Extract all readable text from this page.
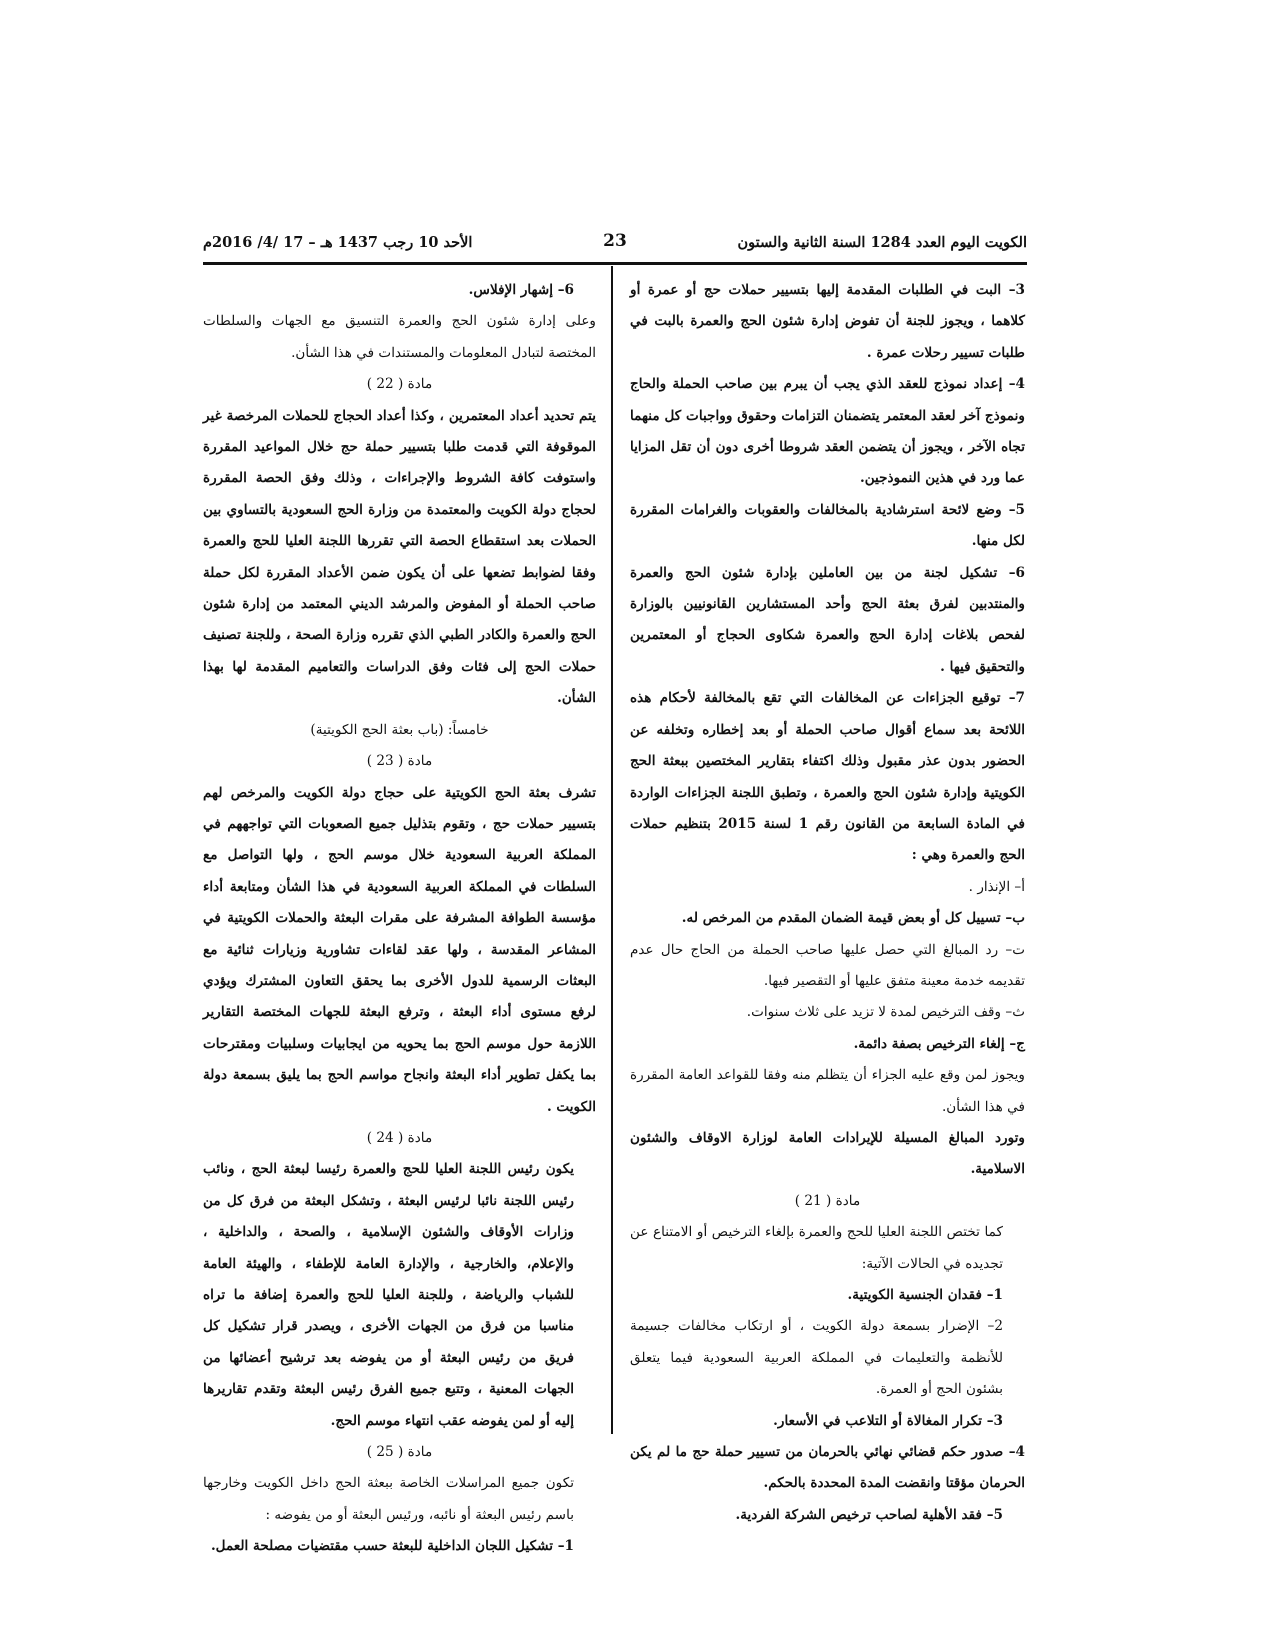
الكويت اليوم العدد 1284 السنة الثانية والستون
23
الأحد 10 رجب 1437 هـ – 17 /4/ 2016م

3– البت في الطلبات المقدمة إليها بتسيير حملات حج أو عمرة أو كلاهما ، ويجوز للجنة أن تفوض إدارة شئون الحج والعمرة بالبت في طلبات تسيير رحلات عمرة .

4– إعداد نموذج للعقد الذي يجب أن يبرم بين صاحب الحملة والحاج ونموذج آخر لعقد المعتمر يتضمنان التزامات وحقوق وواجبات كل منهما تجاه الآخر ، ويجوز أن يتضمن العقد شروطا أخرى دون أن تقل المزايا عما ورد في هذين النموذجين.

5– وضع لائحة استرشادية بالمخالفات والعقوبات والغرامات المقررة لكل منها.

6– تشكيل لجنة من بين العاملين بإدارة شئون الحج والعمرة والمنتدبين لفرق بعثة الحج وأحد المستشارين القانونيين بالوزارة لفحص بلاغات إدارة الحج والعمرة شكاوى الحجاج أو المعتمرين والتحقيق فيها .

7– توقيع الجزاءات عن المخالفات التي تقع بالمخالفة لأحكام هذه اللائحة بعد سماع أقوال صاحب الحملة أو بعد إخطاره وتخلفه عن الحضور بدون عذر مقبول وذلك اكتفاء بتقارير المختصين ببعثة الحج الكويتية وإدارة شئون الحج والعمرة ، وتطبق اللجنة الجزاءات الواردة في المادة السابعة من القانون رقم 1 لسنة 2015 بتنظيم حملات الحج والعمرة وهي :

أ– الإنذار .

ب– تسييل كل أو بعض قيمة الضمان المقدم من المرخص له.

ت– رد المبالغ التي حصل عليها صاحب الحملة من الحاج حال عدم تقديمه خدمة معينة متفق عليها أو التقصير فيها.

ث– وقف الترخيص لمدة لا تزيد على ثلاث سنوات.

ج– إلغاء الترخيص بصفة دائمة.

ويجوز لمن وقع عليه الجزاء أن يتظلم منه وفقا للقواعد العامة المقررة في هذا الشأن.

وتورد المبالغ المسيلة للإيرادات العامة لوزارة الاوقاف والشئون الاسلامية.

مادة ( 21 )

كما تختص اللجنة العليا للحج والعمرة بإلغاء الترخيص أو الامتناع عن تجديده في الحالات الآتية:

1– فقدان الجنسية الكويتية.

2– الإضرار بسمعة دولة الكويت ، أو ارتكاب مخالفات جسيمة للأنظمة والتعليمات في المملكة العربية السعودية فيما يتعلق بشئون الحج أو العمرة.

3– تكرار المغالاة أو التلاعب في الأسعار.

4– صدور حكم قضائي نهائي بالحرمان من تسيير حملة حج ما لم يكن الحرمان مؤقتا وانقضت المدة المحددة بالحكم.

5– فقد الأهلية لصاحب ترخيص الشركة الفردية.

6– إشهار الإفلاس.

وعلى إدارة شئون الحج والعمرة التنسيق مع الجهات والسلطات المختصة لتبادل المعلومات والمستندات في هذا الشأن.

مادة ( 22 )

يتم تحديد أعداد المعتمرين ، وكذا أعداد الحجاج للحملات المرخصة غير الموقوفة التي قدمت طلبا بتسيير حملة حج خلال المواعيد المقررة واستوفت كافة الشروط والإجراءات ، وذلك وفق الحصة المقررة لحجاج دولة الكويت والمعتمدة من وزارة الحج السعودية بالتساوي بين الحملات بعد استقطاع الحصة التي تقررها اللجنة العليا للحج والعمرة وفقا لضوابط تضعها على أن يكون ضمن الأعداد المقررة لكل حملة صاحب الحملة أو المفوض والمرشد الديني المعتمد من إدارة شئون الحج والعمرة والكادر الطبي الذي تقرره وزارة الصحة ، وللجنة تصنيف حملات الحج إلى فئات وفق الدراسات والتعاميم المقدمة لها بهذا الشأن.

خامساً: (باب بعثة الحج الكويتية)

مادة ( 23 )

تشرف بعثة الحج الكويتية على حجاج دولة الكويت والمرخص لهم بتسيير حملات حج ، وتقوم بتذليل جميع الصعوبات التي تواجههم في المملكة العربية السعودية خلال موسم الحج ، ولها التواصل مع السلطات في المملكة العربية السعودية في هذا الشأن ومتابعة أداء مؤسسة الطوافة المشرفة على مقرات البعثة والحملات الكويتية في المشاعر المقدسة ، ولها عقد لقاءات تشاورية وزيارات ثنائية مع البعثات الرسمية للدول الأخرى بما يحقق التعاون المشترك ويؤدي لرفع مستوى أداء البعثة ، وترفع البعثة للجهات المختصة التقارير اللازمة حول موسم الحج بما يحويه من ايجابيات وسلبيات ومقترحات بما يكفل تطوير أداء البعثة وانجاح مواسم الحج بما يليق بسمعة دولة الكويت .

مادة ( 24 )

يكون رئيس اللجنة العليا للحج والعمرة رئيسا لبعثة الحج ، ونائب رئيس اللجنة نائبا لرئيس البعثة ، وتشكل البعثة من فرق كل من وزارات الأوقاف والشئون الإسلامية ، والصحة ، والداخلية ، والإعلام، والخارجية ، والإدارة العامة للإطفاء ، والهيئة العامة للشباب والرياضة ، وللجنة العليا للحج والعمرة إضافة ما تراه مناسبا من فرق من الجهات الأخرى ، ويصدر قرار تشكيل كل فريق من رئيس البعثة أو من يفوضه بعد ترشيح أعضائها من الجهات المعنية ، وتتبع جميع الفرق رئيس البعثة وتقدم تقاريرها إليه أو لمن يفوضه عقب انتهاء موسم الحج.

مادة ( 25 )

تكون جميع المراسلات الخاصة ببعثة الحج داخل الكويت وخارجها باسم رئيس البعثة أو نائبه، ورئيس البعثة أو من يفوضه :

1– تشكيل اللجان الداخلية للبعثة حسب مقتضيات مصلحة العمل.
